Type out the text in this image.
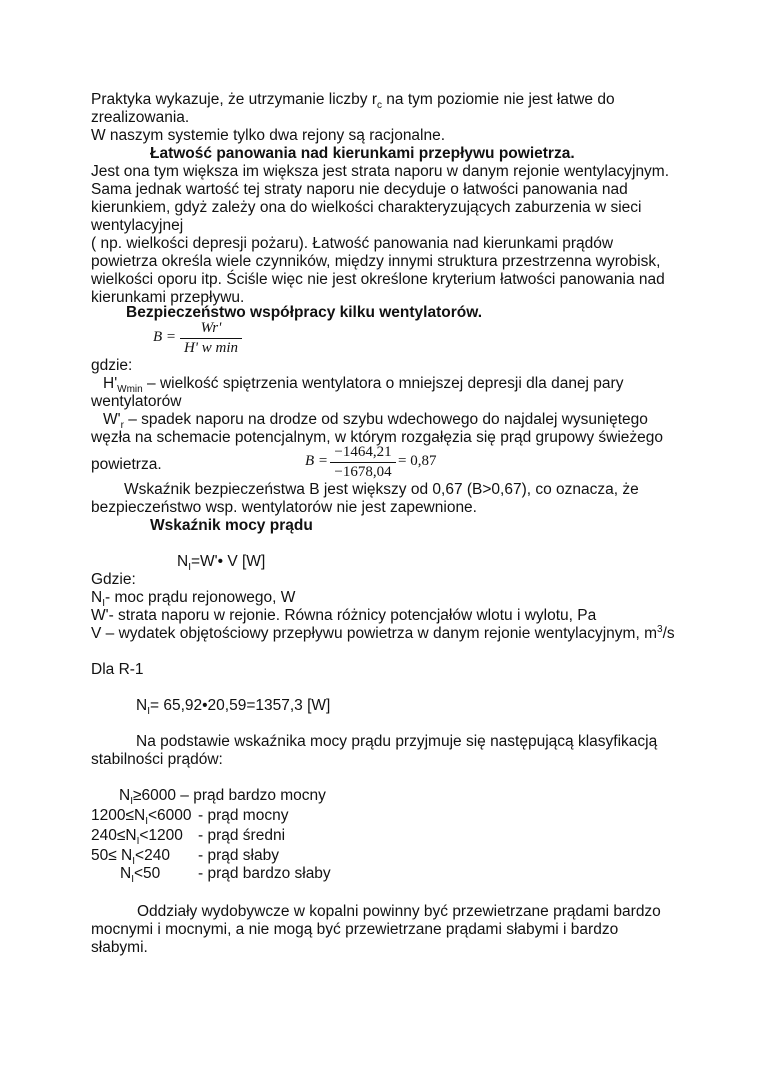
Praktyka wykazuje, że utrzymanie liczby $r_c$ na tym poziomie nie jest łatwe do
zrealizowania.
W naszym systemie tylko dwa rejony są racjonalne.
Łatwość panowania nad kierunkami przepływu powietrza.
Jest ona tym większa im większa jest strata naporu w danym rejonie wentylacyjnym.
Sama jednak wartość tej straty naporu nie decyduje o łatwości panowania nad
kierunkiem, gdyż zależy ona do wielkości charakteryzujących zaburzenia w sieci
wentylacyjnej
( np. wielkości depresji pożaru). Łatwość panowania nad kierunkami prądów
powietrza określa wiele czynników, między innymi struktura przestrzenna wyrobisk,
wielkości oporu itp. Ściśle więc nie jest określone kryterium łatwości panowania nad
kierunkami przepływu.
Bezpieczeństwo współpracy kilku wentylatorów.
B =
Wr'
H' w min
gdzie:
$H'_{Wmin}$ – wielkość spiętrzenia wentylatora o mniejszej depresji dla danej pary
wentylatorów
$W'_r$ – spadek naporu na drodze od szybu wdechowego do najdalej wysuniętego
węzła na schemacie potencjalnym, w którym rozgałęzia się prąd grupowy świeżego
powietrza.	B =
−1464,21
−1678,04
= 0,87
Wskaźnik bezpieczeństwa B jest większy od 0,67 (B>0,67), co oznacza, że
bezpieczeństwo wsp. wentylatorów nie jest zapewnione.
Wskaźnik mocy prądu
$N_I=W'•$ V [W]
Gdzie:
$N_I-$ moc prądu rejonowego, W
W'- strata naporu w rejonie. Równa różnicy potencjałów wlotu i wylotu, Pa
V – wydatek objętościowy przepływu powietrza w danym rejonie wentylacyjnym, $m^3/s$
Dla R-1
$N_I=$ 65,92•20,59=1357,3 [W]
Na podstawie wskaźnika mocy prądu przyjmuje się następującą klasyfikacją
stabilności prądów:
$N_I\ge 6000$ – prąd bardzo mocny
$1200\le N_I<6000$ - prąd mocny
$240\le N_I<1200$ - prąd średni
$50\le N_I<240$ - prąd słaby
$N_I<50$ - prąd bardzo słaby
Oddziały wydobywcze w kopalni powinny być przewietrzane prądami bardzo
mocnymi i mocnymi, a nie mogą być przewietrzane prądami słabymi i bardzo
słabymi.
